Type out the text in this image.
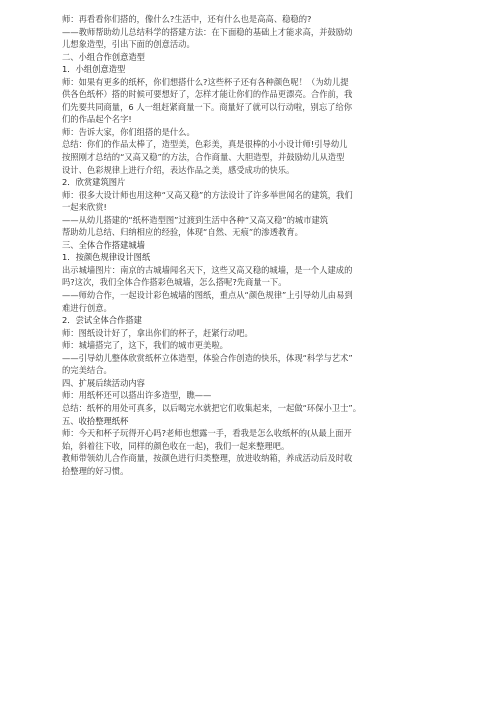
师：再看看你们搭的，像什么?生活中，还有什么也是高高、稳稳的?
——教师帮助幼儿总结科学的搭建方法：在下面稳的基础上才能求高，并鼓励幼
儿想象造型，引出下面的创意活动。
二、小组合作创意造型
1．小组创意造型
师：如果有更多的纸杯，你们想搭什么?这些杯子还有各种颜色呢！（为幼儿提
供各色纸杯）搭的时候可要想好了，怎样才能让你们的作品更漂亮。合作前，我
们先要共同商量，6 人一组赶紧商量一下。商量好了就可以行动啦，别忘了给你
们的作品起个名字!
师：告诉大家，你们组搭的是什么。
总结：你们的作品太棒了，造型美，色彩美，真是很棒的小小设计师!引导幼儿
按照刚才总结的“又高又稳”的方法，合作商量、大胆造型，并鼓励幼儿从造型
设计、色彩规律上进行介绍，表达作品之美，感受成功的快乐。
2．欣赏建筑图片
师：很多大设计师也用这种“又高又稳”的方法设计了许多举世闻名的建筑，我们
一起来欣赏!
——从幼儿搭建的“纸杯造型图”过渡到生活中各种“又高又稳”的城市建筑
帮助幼儿总结、归纳相应的经验，体现“自然、无痕”的渗透教育。
三、全体合作搭建城墙
1．按颜色规律设计图纸
出示城墙图片：南京的古城墙闻名天下，这些又高又稳的城墙，是一个人建成的
吗?这次，我们全体合作搭彩色城墙，怎么搭呢?先商量一下。
——师幼合作，一起设计彩色城墙的图纸，重点从“颜色规律”上引导幼儿由易到
难进行创意。
2．尝试全体合作搭建
师：图纸设计好了，拿出你们的杯子，赶紧行动吧。
师：城墙搭完了，这下，我们的城市更美啦。
——引导幼儿整体欣赏纸杯立体造型，体验合作创造的快乐，体现“科学与艺术”
的完美结合。
四、扩展后续活动内容
师：用纸杯还可以搭出许多造型，瞧——
总结：纸杯的用处可真多，以后喝完水就把它们收集起来，一起做“环保小卫士”。
五、收拾整理纸杯
师：今天和杯子玩得开心吗?老师也想露一手，看我是怎么收纸杯的(从最上面开
始，斜着往下收，同样的颜色收在一起)，我们一起来整理吧。
教师带领幼儿合作商量，按颜色进行归类整理，放进收纳箱，养成活动后及时收
拾整理的好习惯。
